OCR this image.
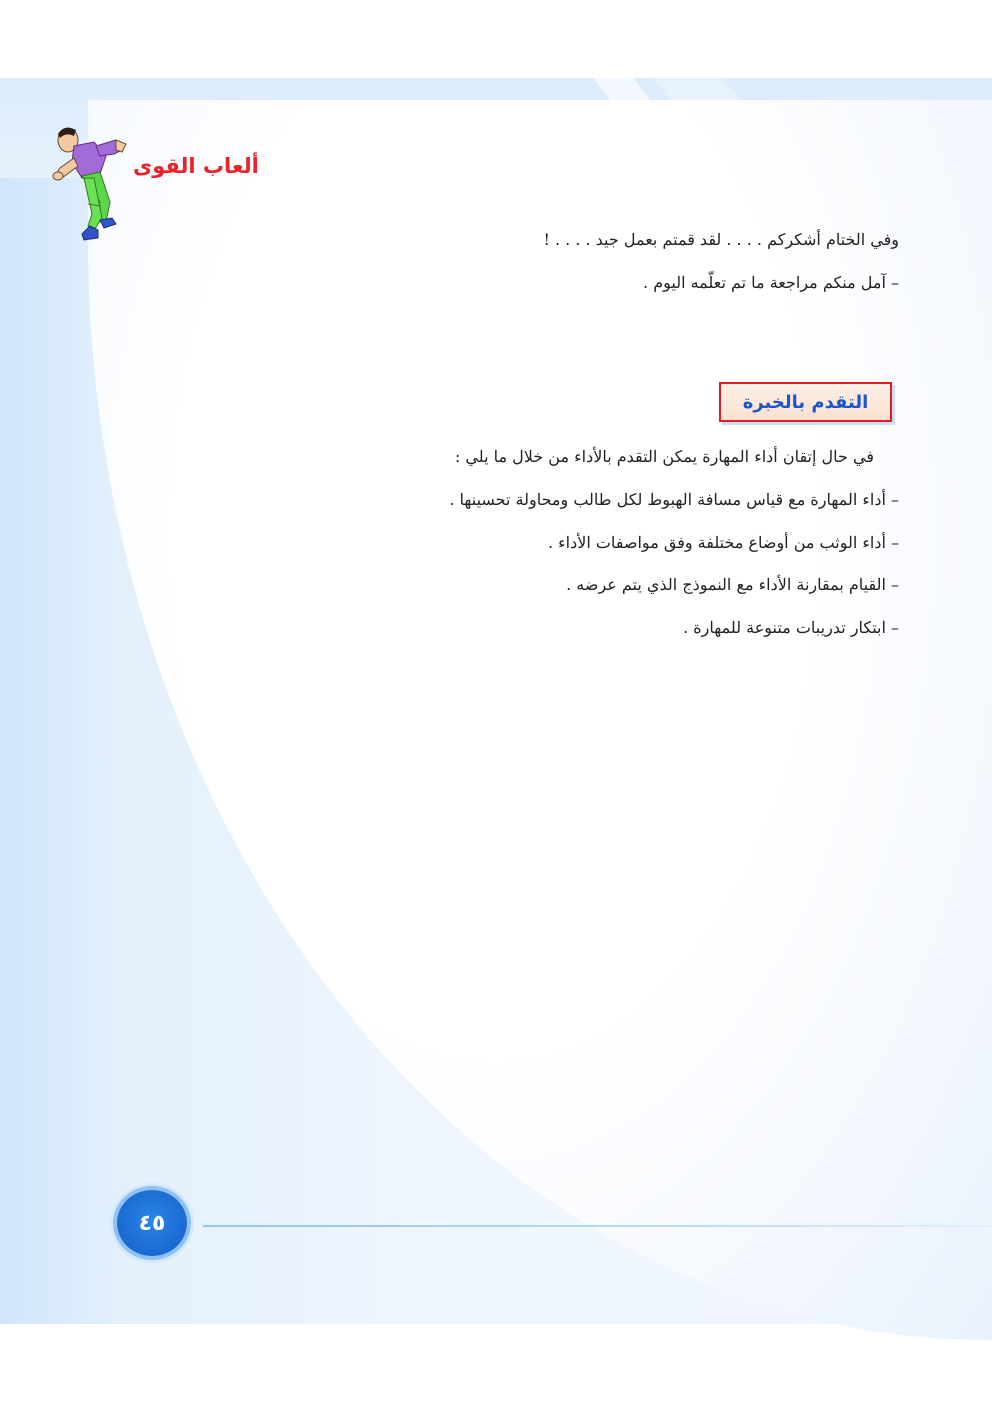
ألعاب القوى
وفي الختام أشكركم . . . . لقد قمتم بعمل جيد . . . . !
– آمل منكم مراجعة ما تم تعلّمه اليوم .
التقدم بالخبرة
في حال إتقان أداء المهارة يمكن التقدم بالأداء من خلال ما يلي :
– أداء المهارة مع قياس مسافة الهبوط لكل طالب ومحاولة تحسينها .
– أداء الوثب من أوضاع مختلفة وفق مواصفات الأداء .
– القيام بمقارنة الأداء مع النموذج الذي يتم عرضه .
– ابتكار تدريبات متنوعة للمهارة .
٤٥
